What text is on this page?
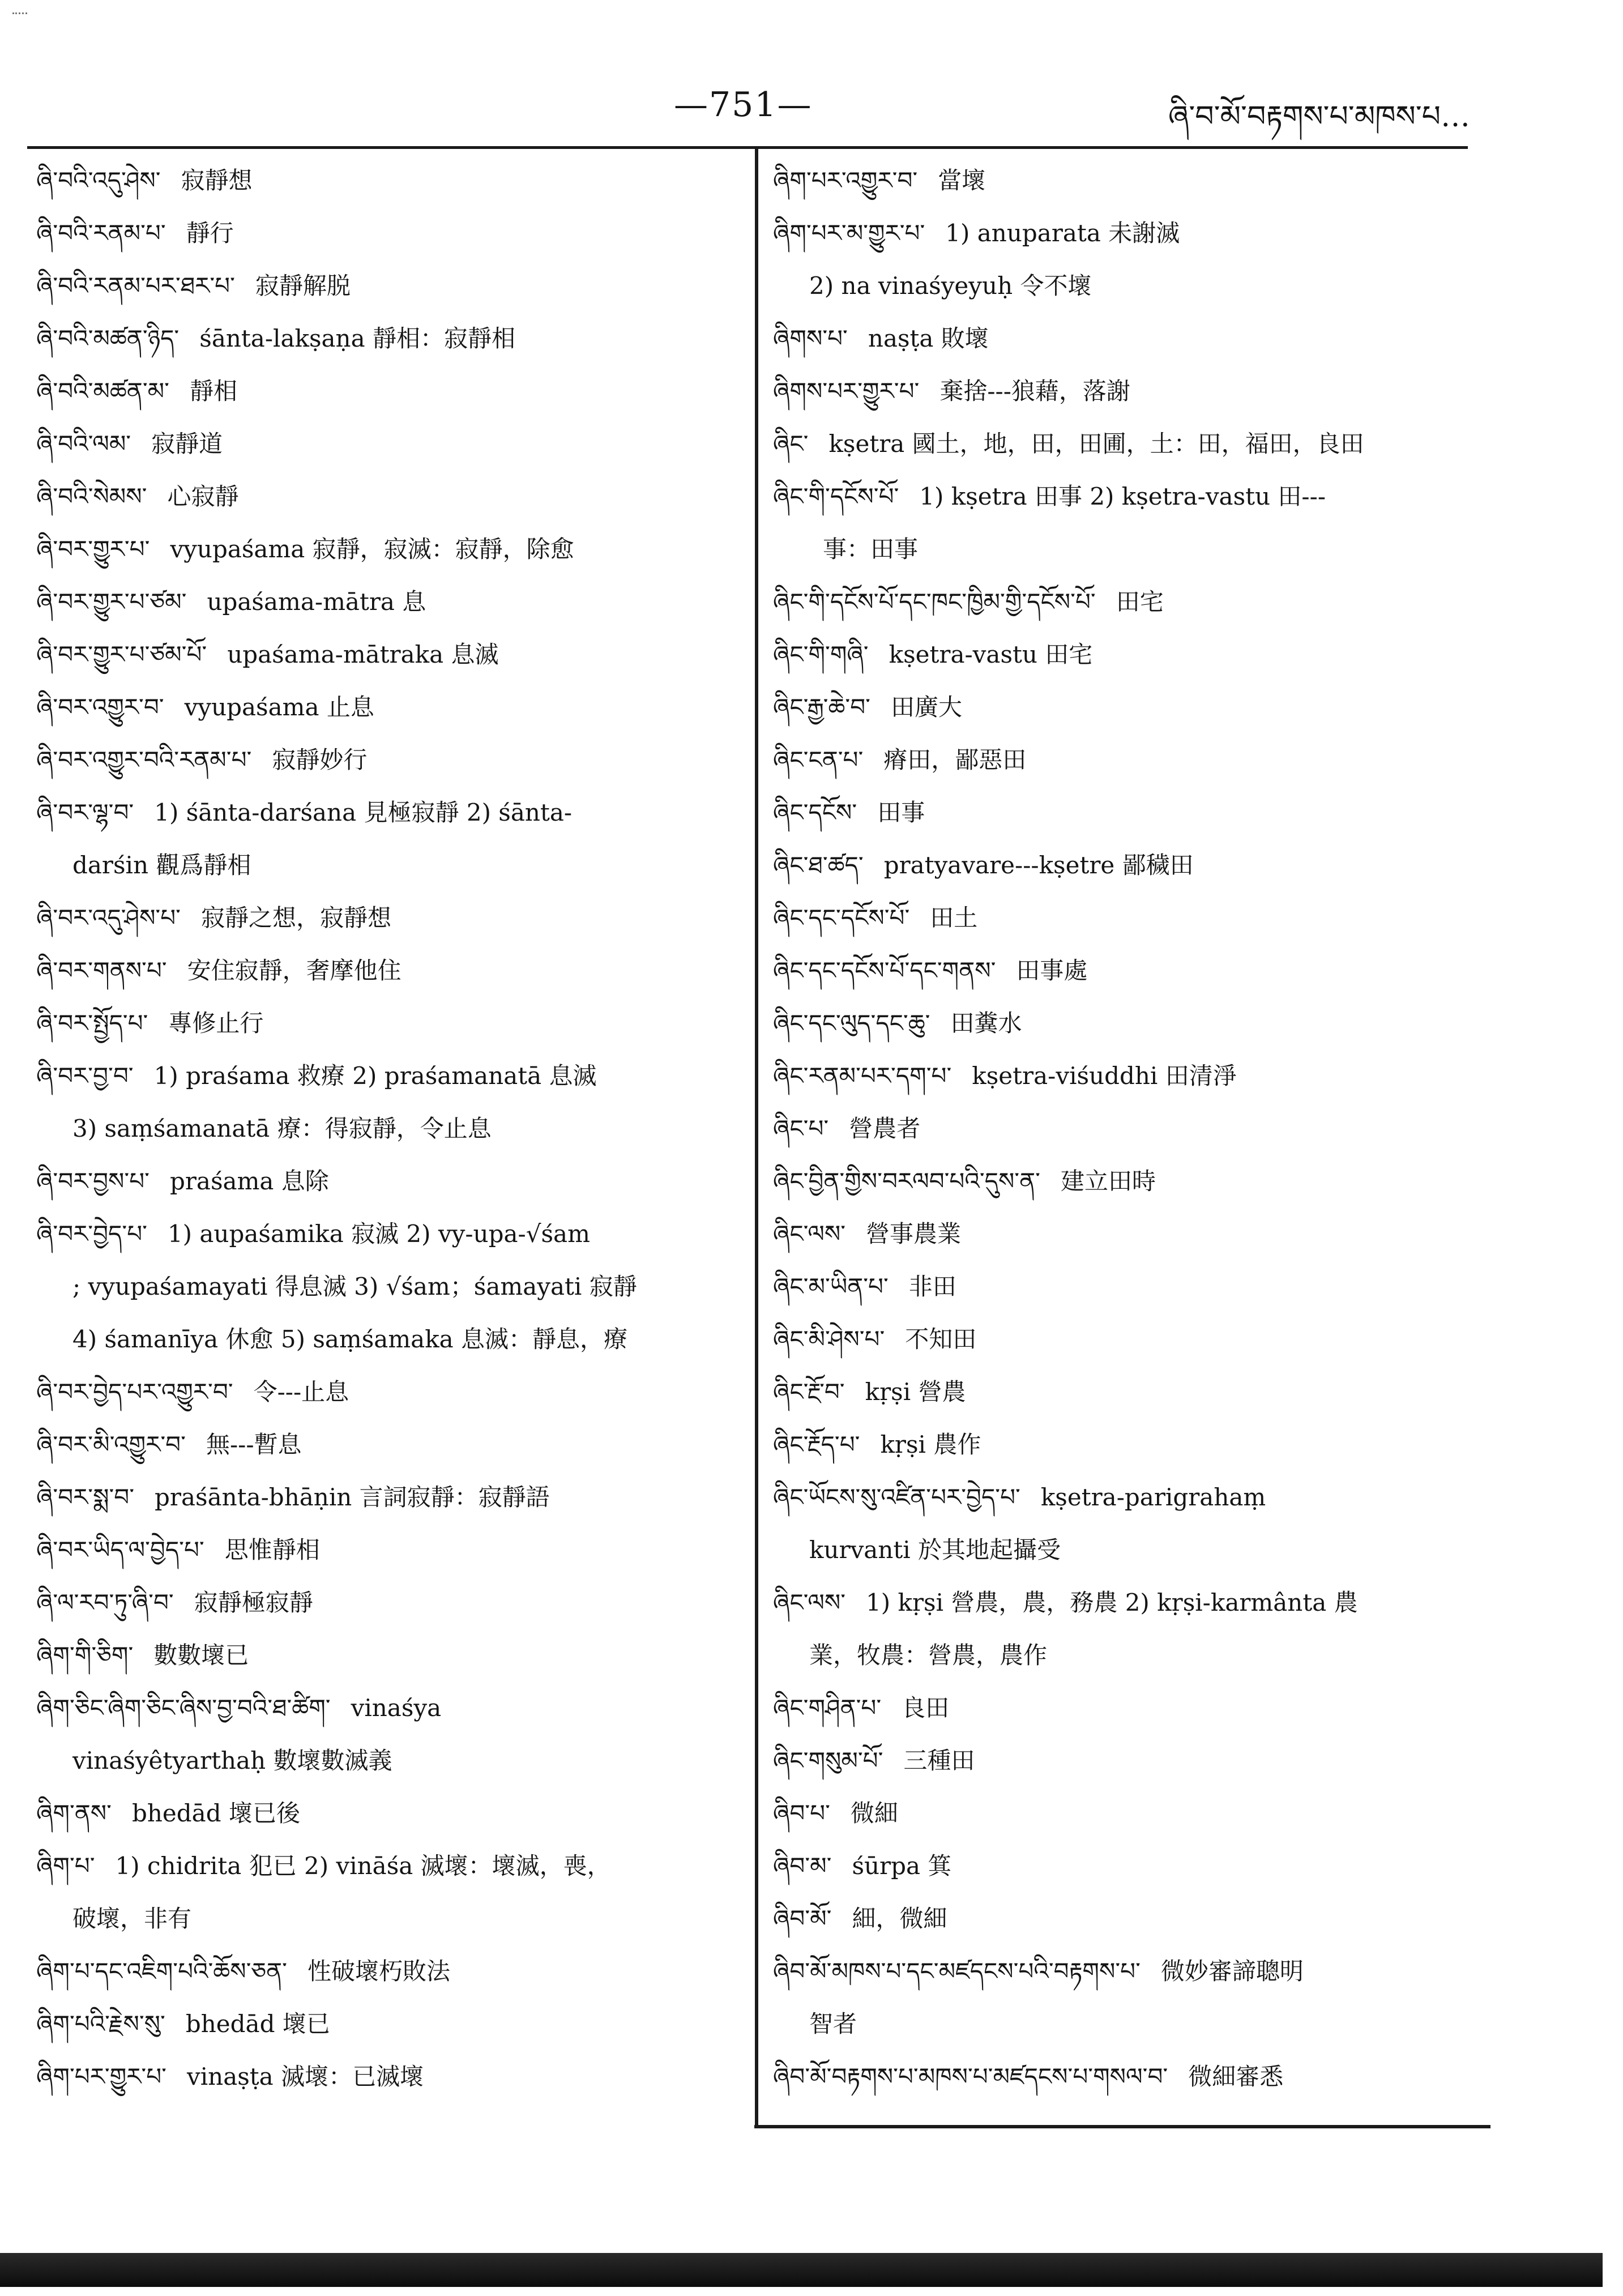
—751—	ཞི་བ་མོ་བརྟགས་པ་མཁས་པ…
ཞི་བའི་འདུ་ཤེས་ 寂靜想
ཞི་བའི་རནམ་པ་ 靜行
ཞི་བའི་རནམ་པར་ཐར་པ་ 寂靜解脱
ཞི་བའི་མཚན་ཉིད་ śānta-lakṣaṇa 靜相：寂靜相
ཞི་བའི་མཚན་མ་ 靜相
ཞི་བའི་ལམ་ 寂靜道
ཞི་བའི་སེམས་ 心寂靜
ཞི་བར་གྱུར་པ་ vyupaśama 寂靜，寂滅：寂靜，除愈
ཞི་བར་གྱུར་པ་ཙམ་ upaśama-mātra 息
ཞི་བར་གྱུར་པ་ཙམ་པོ་ upaśama-mātraka 息滅
ཞི་བར་འགྱུར་བ་ vyupaśama 止息
ཞི་བར་འགྱུར་བའི་རནམ་པ་ 寂靜妙行
ཞི་བར་ལྷ་བ་ 1) śānta-darśana 見極寂靜 2) śānta-
darśin 觀爲靜相
ཞི་བར་འདུ་ཤེས་པ་ 寂靜之想，寂靜想
ཞི་བར་གནས་པ་ 安住寂靜，奢摩他住
ཞི་བར་སྤྱོད་པ་ 專修止行
ཞི་བར་བྱ་བ་ 1) praśama 救療 2) praśamanatā 息滅
3) saṃśamanatā 療：得寂靜，令止息
ཞི་བར་བྱས་པ་ praśama 息除
ཞི་བར་བྱེད་པ་ 1) aupaśamika 寂滅 2) vy-upa-√śam
; vyupaśamayati 得息滅 3) √śam；śamayati 寂靜
4) śamanīya 休愈 5) saṃśamaka 息滅：靜息，療
ཞི་བར་བྱེད་པར་འགྱུར་བ་ 令---止息
ཞི་བར་མི་འགྱུར་བ་ 無---暫息
ཞི་བར་སྨ་བ་ praśānta-bhāṇin 言詞寂靜：寂靜語
ཞི་བར་ཡིད་ལ་བྱེད་པ་ 思惟靜相
ཞི་ལ་རབ་ཏུ་ཞི་བ་ 寂靜極寂靜
ཞིག་གི་ཅིག་ 數數壞已
ཞིག་ཅིང་ཞིག་ཅིང་ཞིས་བྱ་བའི་ཐ་ཚིག་ vinaśya
vinaśyêtyarthaḥ 數壞數滅義
ཞིག་ནས་ bhedād 壞已後
ཞིག་པ་ 1) chidrita 犯已 2) vināśa 滅壞：壞滅，喪，
破壞，非有
ཞིག་པ་དང་འཇིག་པའི་ཆོས་ཅན་ 性破壞朽敗法
ཞིག་པའི་རྗེས་སུ་ bhedād 壞已
ཞིག་པར་གྱུར་པ་ vinaṣṭa 滅壞：已滅壞
ཞིག་པར་འགྱུར་བ་ 當壞
ཞིག་པར་མ་གྱུར་པ་ 1) anuparata 未謝滅
2) na vinaśyeyuḥ 令不壞
ཞིགས་པ་ naṣṭa 敗壞
ཞིགས་པར་གྱུར་པ་ 棄捨---狼藉，落謝
ཞིང་ kṣetra 國土，地，田，田圃，土：田，福田，良田
ཞིང་གི་དངོས་པོ་ 1) kṣetra 田事 2) kṣetra-vastu 田---
事：田事
ཞིང་གི་དངོས་པོ་དང་ཁང་ཁྱིམ་གྱི་དངོས་པོ་ 田宅
ཞིང་གི་གཞི་ kṣetra-vastu 田宅
ཞིང་རྒྱ་ཆེ་བ་ 田廣大
ཞིང་ངན་པ་ 瘠田，鄙惡田
ཞིང་དངོས་ 田事
ཞིང་ཐ་ཚད་ pratyavare---kṣetre 鄙穢田
ཞིང་དང་དངོས་པོ་ 田土
ཞིང་དང་དངོས་པོ་དང་གནས་ 田事處
ཞིང་དང་ལུད་དང་ཆུ་ 田糞水
ཞིང་རནམ་པར་དག་པ་ kṣetra-viśuddhi 田清淨
ཞིང་པ་ 營農者
ཞིང་བྱིན་གྱིས་བརལབ་པའི་དུས་ན་ 建立田時
ཞིང་ལས་ 營事農業
ཞིང་མ་ཡིན་པ་ 非田
ཞིང་མི་ཤེས་པ་ 不知田
ཞིང་རྔོ་བ་ kṛṣi 營農
ཞིང་རྔོད་པ་ kṛṣi 農作
ཞིང་ཡོངས་སུ་འཛིན་པར་བྱེད་པ་ kṣetra-parigrahaṃ
kurvanti 於其地起攝受
ཞིང་ལས་ 1) kṛṣi 營農，農，務農 2) kṛṣi-karmânta 農
業，牧農：營農，農作
ཞིང་གཤིན་པ་ 良田
ཞིང་གསུམ་པོ་ 三種田
ཞིབ་པ་ 微細
ཞིབ་མ་ śūrpa 箕
ཞིབ་མོ་ 細，微細
ཞིབ་མོ་མཁས་པ་དང་མཛདངས་པའི་བརྟགས་པ་ 微妙審諦聰明
智者
ཞིབ་མོ་བརྟགས་པ་མཁས་པ་མཛདངས་པ་གསལ་བ་ 微細審悉
